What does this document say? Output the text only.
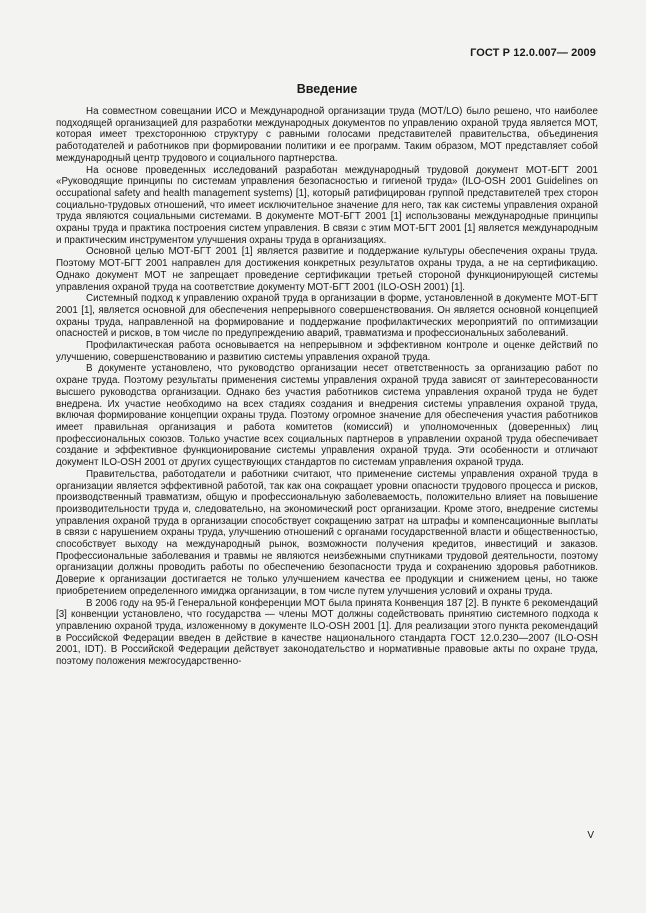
ГОСТ Р 12.0.007— 2009
Введение

На совместном совещании ИСО и Международной организации труда (МОТ/LO) было решено, что наиболее подходящей организацией для разработки международных документов по управлению охраной труда является МОТ, которая имеет трехстороннюю структуру с равными голосами представителей правительства, объединения работодателей и работников при формировании политики и ее программ. Таким образом, МОТ представляет собой международный центр трудового и социального партнерства.

На основе проведенных исследований разработан международный трудовой документ МОТ-БГТ 2001 «Руководящие принципы по системам управления безопасностью и гигиеной труда» (ILO-OSH 2001 Guidelines on occupational safety and health management systems) [1], который ратифицирован группой представителей трех сторон социально-трудовых отношений, что имеет исключительное значение для него, так как системы управления охраной труда являются социальными системами. В документе МОТ-БГТ 2001 [1] использованы международные принципы охраны труда и практика построения систем управления. В связи с этим МОТ-БГТ 2001 [1] является международным и практическим инструментом улучшения охраны труда в организациях.

Основной целью МОТ-БГТ 2001 [1] является развитие и поддержание культуры обеспечения охраны труда. Поэтому МОТ-БГТ 2001 направлен для достижения конкретных результатов охраны труда, а не на сертификацию. Однако документ МОТ не запрещает проведение сертификации третьей стороной функционирующей системы управления охраной труда на соответствие документу МОТ-БГТ 2001 (ILO-OSH 2001) [1].

Системный подход к управлению охраной труда в организации в форме, установленной в документе МОТ-БГТ 2001 [1], является основной для обеспечения непрерывного совершенствования. Он является основной концепцией охраны труда, направленной на формирование и поддержание профилактических мероприятий по оптимизации опасностей и рисков, в том числе по предупреждению аварий, травматизма и профессиональных заболеваний.

Профилактическая работа основывается на непрерывном и эффективном контроле и оценке действий по улучшению, совершенствованию и развитию системы управления охраной труда.

В документе установлено, что руководство организации несет ответственность за организацию работ по охране труда. Поэтому результаты применения системы управления охраной труда зависят от заинтересованности высшего руководства организации. Однако без участия работников система управления охраной труда не будет внедрена. Их участие необходимо на всех стадиях создания и внедрения системы управления охраной труда, включая формирование концепции охраны труда. Поэтому огромное значение для обеспечения участия работников имеет правильная организация и работа комитетов (комиссий) и уполномоченных (доверенных) лиц профессиональных союзов. Только участие всех социальных партнеров в управлении охраной труда обеспечивает создание и эффективное функционирование системы управления охраной труда. Эти особенности и отличают документ ILO-OSH 2001 от других существующих стандартов по системам управления охраной труда.

Правительства, работодатели и работники считают, что применение системы управления охраной труда в организации является эффективной работой, так как она сокращает уровни опасности трудового процесса и рисков, производственный травматизм, общую и профессиональную заболеваемость, положительно влияет на повышение производительности труда и, следовательно, на экономический рост организации. Кроме этого, внедрение системы управления охраной труда в организации способствует сокращению затрат на штрафы и компенсационные выплаты в связи с нарушением охраны труда, улучшению отношений с органами государственной власти и общественностью, способствует выходу на международный рынок, возможности получения кредитов, инвестиций и заказов. Профессиональные заболевания и травмы не являются неизбежными спутниками трудовой деятельности, поэтому организации должны проводить работы по обеспечению безопасности труда и сохранению здоровья работников. Доверие к организации достигается не только улучшением качества ее продукции и снижением цены, но также приобретением определенного имиджа организации, в том числе путем улучшения условий и охраны труда.

В 2006 году на 95-й Генеральной конференции МОТ была принята Конвенция 187 [2]. В пункте 6 рекомендаций [3] конвенции установлено, что государства — члены МОТ должны содействовать принятию системного подхода к управлению охраной труда, изложенному в документе ILO-OSH 2001 [1]. Для реализации этого пункта рекомендаций в Российской Федерации введен в действие в качестве национального стандарта ГОСТ 12.0.230—2007 (ILO-OSH 2001, IDT). В Российской Федерации действует законодательство и нормативные правовые акты по охране труда, поэтому положения межгосударственно-

V
